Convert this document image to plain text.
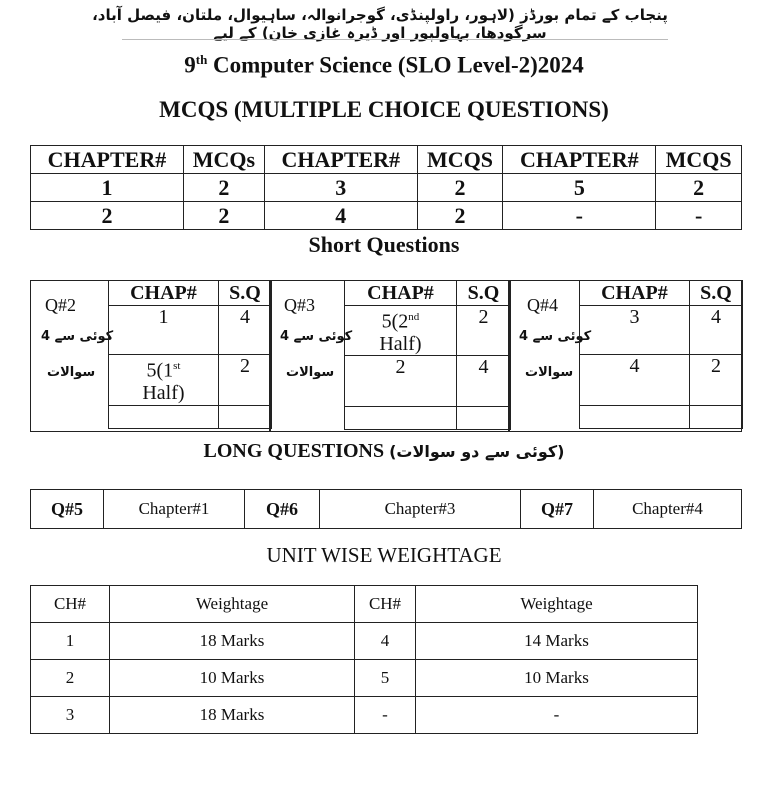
پنجاب کے تمام بورڈز (لاہور، راولپنڈی، گوجرانوالہ، ساہیوال، ملتان، فیصل آباد، سرگودھا، بہاولپور اور ڈیرہ غازی خان) کے لیے
9th Computer Science (SLO Level-2)2024
MCQS (MULTIPLE CHOICE QUESTIONS)
CHAPTER#	MCQs	CHAPTER#	MCQS	CHAPTER#	MCQS
1	2	3	2	5	2
2	2	4	2	-	-
Short Questions
Q#2
کوئی سے 4
سوالات
CHAP#	S.Q
1	4
5(1st
Half)	2

Q#3
کوئی سے 4
سوالات
CHAP#	S.Q
5(2nd
Half)	2
2	4

Q#4
کوئی سے 4
سوالات
CHAP#	S.Q
3	4
4	2

LONG QUESTIONS (کوئی سے دو سوالات)
Q#5	Chapter#1	Q#6	Chapter#3	Q#7	Chapter#4
UNIT WISE WEIGHTAGE
CH#	Weightage	CH#	Weightage
1	18 Marks	4	14 Marks
2	10 Marks	5	10 Marks
3	18 Marks	-	-
